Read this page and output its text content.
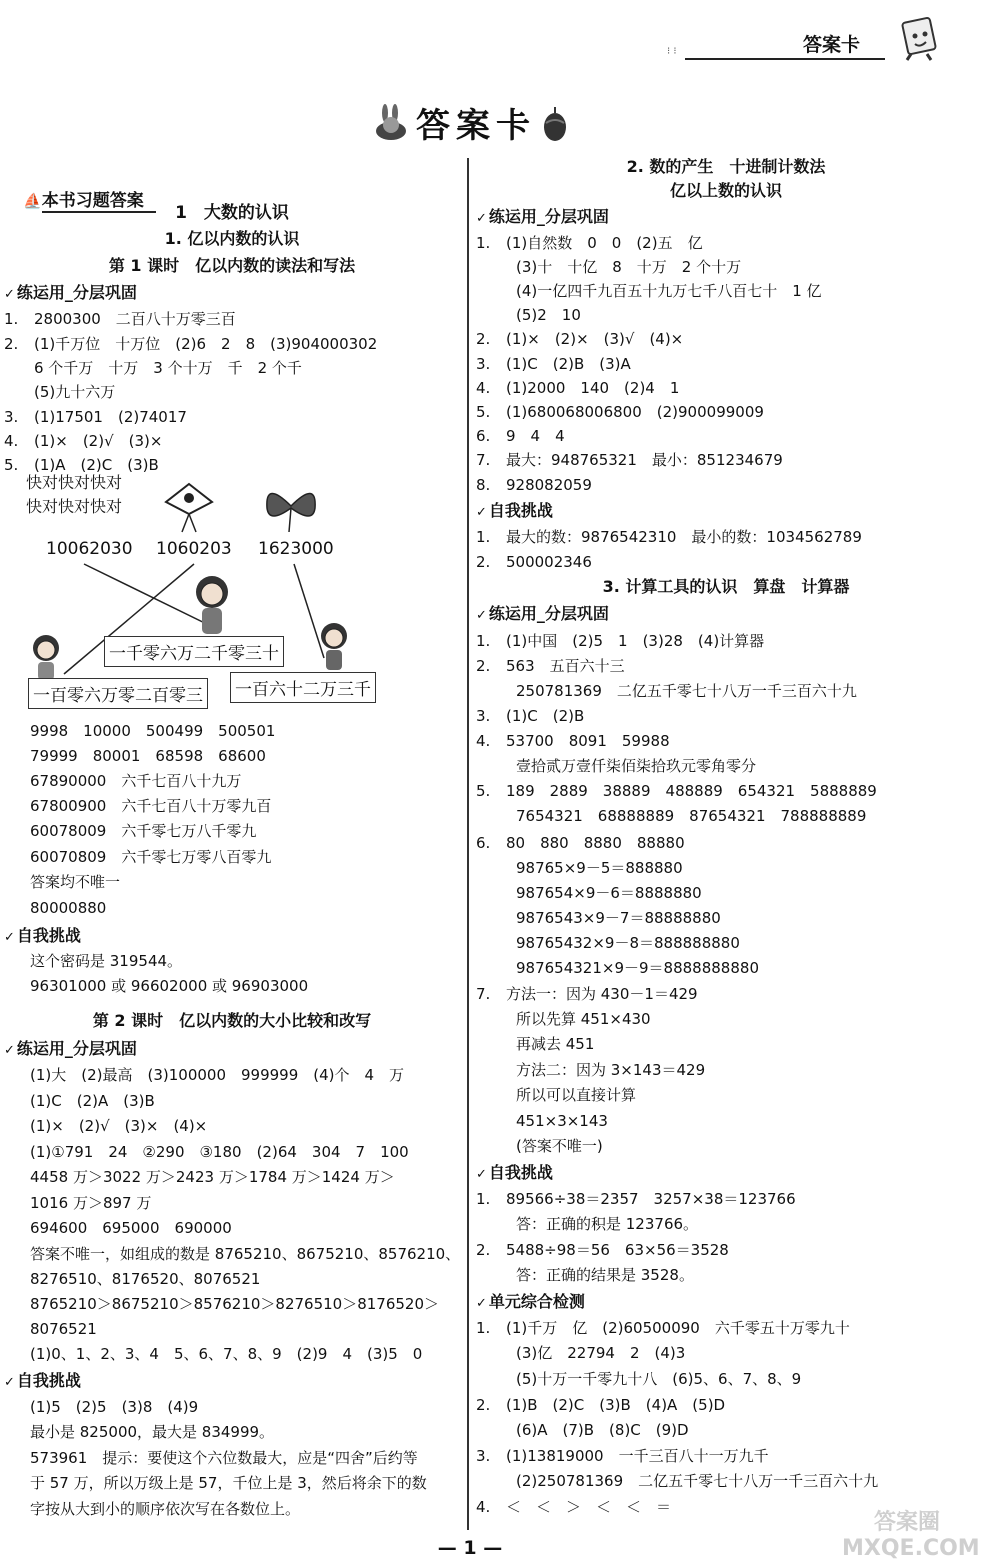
⁝ ⁝	答案卡
答案卡

⛵本书习题答案

1　大数的认识
1. 亿以内数的认识
第 1 课时　亿以内数的读法和写法
✓ 练运用_分层巩固
1. 2800300　二百八十万零三百
2. (1)千万位　十万位　(2)6　2　8　(3)904000302
　　6 个千万　十万　3 个十万　千　2 个千
(5)九十六万
3. (1)17501　(2)74017
4. (1)×　(2)√　(3)×
5. (1)A　(2)C　(3)B
快对快对快对
快对快对快对
10062030 1060203 1623000
一千零六万二千零三十
一百零六万零二百零三 一百六十二万三千
9998　10000　500499　500501
79999　80001　68598　68600
67890000　六千七百八十九万
67800900　六千七百八十万零九百
60078009　六千零七万八千零九
60070809　六千零七万零八百零九
答案均不唯一
80000880
✓ 自我挑战
这个密码是 319544。
96301000 或 96602000 或 96903000
第 2 课时　亿以内数的大小比较和改写
✓ 练运用_分层巩固
(1)大　(2)最高　(3)100000　999999　(4)个　4　万
(1)C　(2)A　(3)B
(1)×　(2)√　(3)×　(4)×
(1)①791　24　②290　③180　(2)64　304　7　100
4458 万＞3022 万＞2423 万＞1784 万＞1424 万＞
1016 万＞897 万
694600　695000　690000
答案不唯一，如组成的数是 8765210、8675210、8576210、
8276510、8176520、8076521
8765210＞8675210＞8576210＞8276510＞8176520＞
8076521
(1)0、1、2、3、4　5、6、7、8、9　(2)9　4　(3)5　0
✓ 自我挑战
(1)5　(2)5　(3)8　(4)9
最小是 825000，最大是 834999。
573961　提示：要使这个六位数最大，应是“四舍”后约等
于 57 万，所以万级上是 57，千位上是 3，然后将余下的数
字按从大到小的顺序依次写在各数位上。
2. 数的产生　十进制计数法
亿以上数的认识
✓ 练运用_分层巩固
1. (1)自然数　0　0　(2)五　亿
(3)十　十亿　8　十万　2 个十万
(4)一亿四千九百五十九万七千八百七十　1 亿
(5)2　10
2. (1)×　(2)×　(3)√　(4)×
3. (1)C　(2)B　(3)A
4. (1)2000　140　(2)4　1
5. (1)680068006800　(2)900099009
6. 9　4　4
7. 最大：948765321　最小：851234679
8. 928082059
✓ 自我挑战
1. 最大的数：9876542310　最小的数：1034562789
2. 500002346
3. 计算工具的认识　算盘　计算器
✓ 练运用_分层巩固
1. (1)中国　(2)5　1　(3)28　(4)计算器
2. 563　五百六十三
250781369　二亿五千零七十八万一千三百六十九
3. (1)C　(2)B
4. 53700　8091　59988
壹拾贰万壹仟柒佰柒拾玖元零角零分
5. 189　2889　38889　488889　654321　5888889
7654321　68888889　87654321　788888889
6. 80　880　8880　88880
98765×9－5＝888880
987654×9－6＝8888880
9876543×9－7＝88888880
98765432×9－8＝888888880
987654321×9－9＝8888888880
7. 方法一：因为 430－1＝429
所以先算 451×430
再减去 451
方法二：因为 3×143＝429
所以可以直接计算
451×3×143
(答案不唯一)
✓ 自我挑战
1. 89566÷38＝2357　3257×38＝123766
答：正确的积是 123766。
2. 5488÷98＝56　63×56＝3528
答：正确的结果是 3528。
✓ 单元综合检测
1. (1)千万　亿　(2)60500090　六千零五十万零九十
(3)亿　22794　2　(4)3
(5)十万一千零九十八　(6)5、6、7、8、9
2. (1)B　(2)C　(3)B　(4)A　(5)D
(6)A　(7)B　(8)C　(9)D
3. (1)13819000　一千三百八十一万九千
(2)250781369　二亿五千零七十八万一千三百六十九
4. ＜　＜　＞　＜　＜　＝
— 1 —
答案圈
MXQE.COM
